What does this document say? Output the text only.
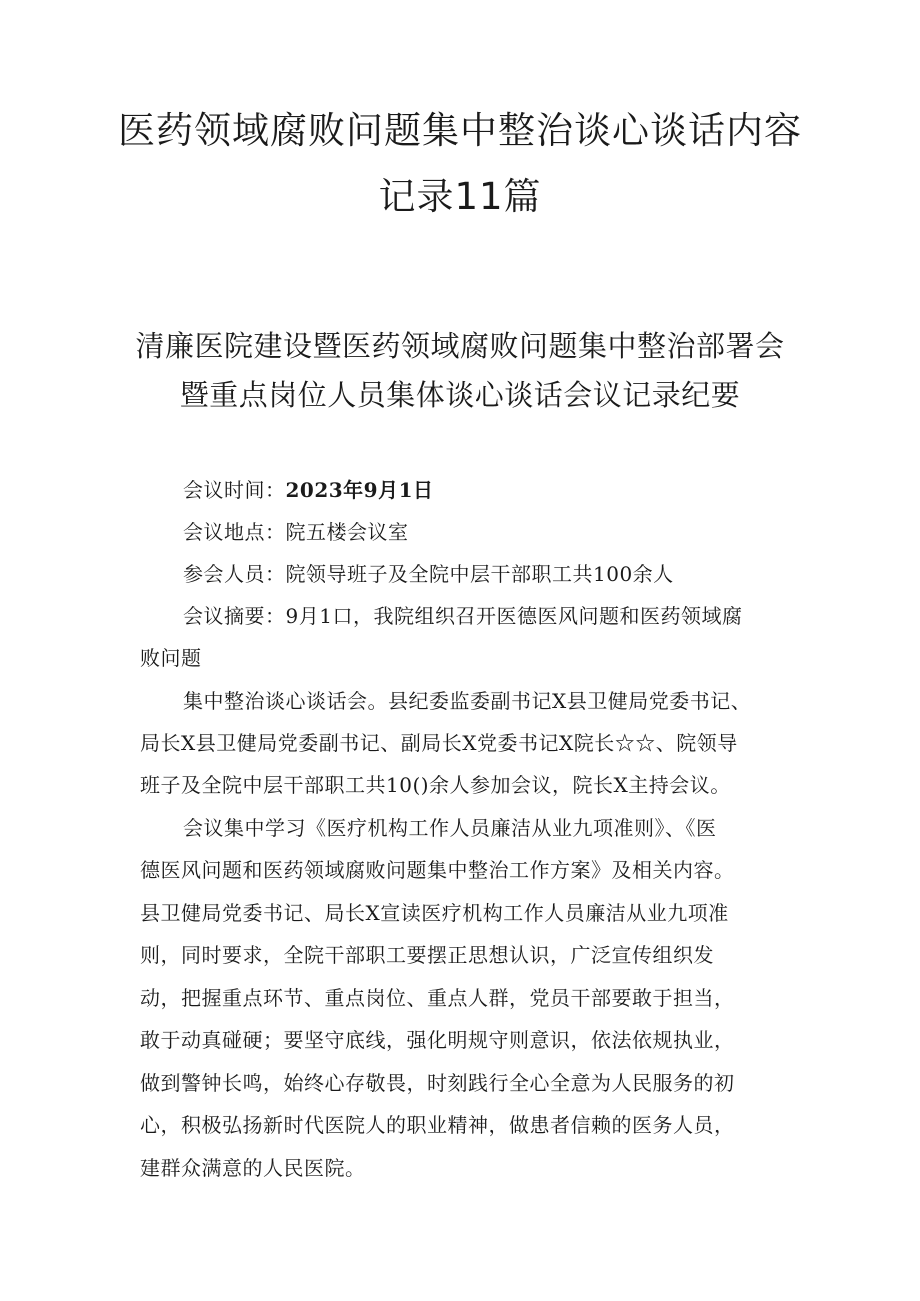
医药领域腐败问题集中整治谈心谈话内容
记录11篇
清廉医院建设暨医药领域腐败问题集中整治部署会
暨重点岗位人员集体谈心谈话会议记录纪要
会议时间：2023年9月1日
会议地点：院五楼会议室
参会人员：院领导班子及全院中层干部职工共100余人
会议摘要：9月1口，我院组织召开医德医风问题和医药领域腐
败问题
集中整治谈心谈话会。县纪委监委副书记X县卫健局党委书记、
局长X县卫健局党委副书记、副局长X党委书记X院长☆☆、院领导
班子及全院中层干部职工共10()余人参加会议，院长X主持会议。
会议集中学习《医疗机构工作人员廉洁从业九项准则》、《医
德医风问题和医药领域腐败问题集中整治工作方案》及相关内容。
县卫健局党委书记、局长X宣读医疗机构工作人员廉洁从业九项准
则，同时要求，全院干部职工要摆正思想认识，广泛宣传组织发
动，把握重点环节、重点岗位、重点人群，党员干部要敢于担当，
敢于动真碰硬；要坚守底线，强化明规守则意识，依法依规执业，
做到警钟长鸣，始终心存敬畏，时刻践行全心全意为人民服务的初
心，积极弘扬新时代医院人的职业精神，做患者信赖的医务人员，
建群众满意的人民医院。
